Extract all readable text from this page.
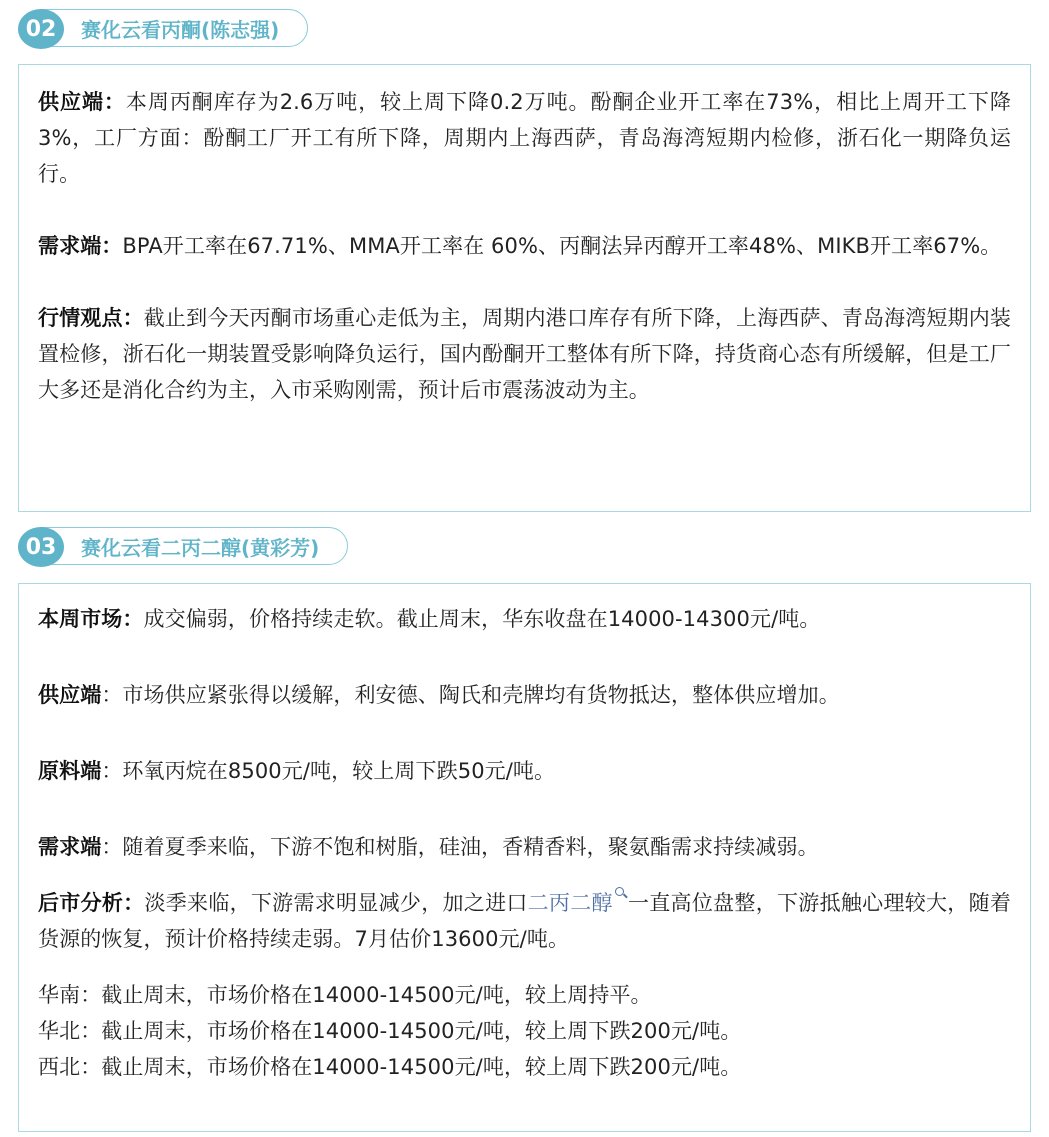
02	赛化云看丙酮(陈志强)

供应端：本周丙酮库存为2.6万吨，较上周下降0.2万吨。酚酮企业开工率在73%，相比上周开工下降3%，工厂方面：酚酮工厂开工有所下降，周期内上海西萨，青岛海湾短期内检修，浙石化一期降负运行。

需求端：BPA开工率在67.71%、MMA开工率在 60%、丙酮法异丙醇开工率48%、MIKB开工率67%。

行情观点：截止到今天丙酮市场重心走低为主，周期内港口库存有所下降，上海西萨、青岛海湾短期内装置检修，浙石化一期装置受影响降负运行，国内酚酮开工整体有所下降，持货商心态有所缓解，但是工厂大多还是消化合约为主，入市采购刚需，预计后市震荡波动为主。

03	赛化云看二丙二醇(黄彩芳)

本周市场：成交偏弱，价格持续走软。截止周末，华东收盘在14000-14300元/吨。

供应端：市场供应紧张得以缓解，利安德、陶氏和壳牌均有货物抵达，整体供应增加。

原料端：环氧丙烷在8500元/吨，较上周下跌50元/吨。

需求端：随着夏季来临，下游不饱和树脂，硅油，香精香料，聚氨酯需求持续减弱。

后市分析：淡季来临，下游需求明显减少，加之进口二丙二醇 一直高位盘整，下游抵触心理较大，随着货源的恢复，预计价格持续走弱。7月估价13600元/吨。

华南：截止周末，市场价格在14000-14500元/吨，较上周持平。

华北：截止周末，市场价格在14000-14500元/吨，较上周下跌200元/吨。

西北：截止周末，市场价格在14000-14500元/吨，较上周下跌200元/吨。
